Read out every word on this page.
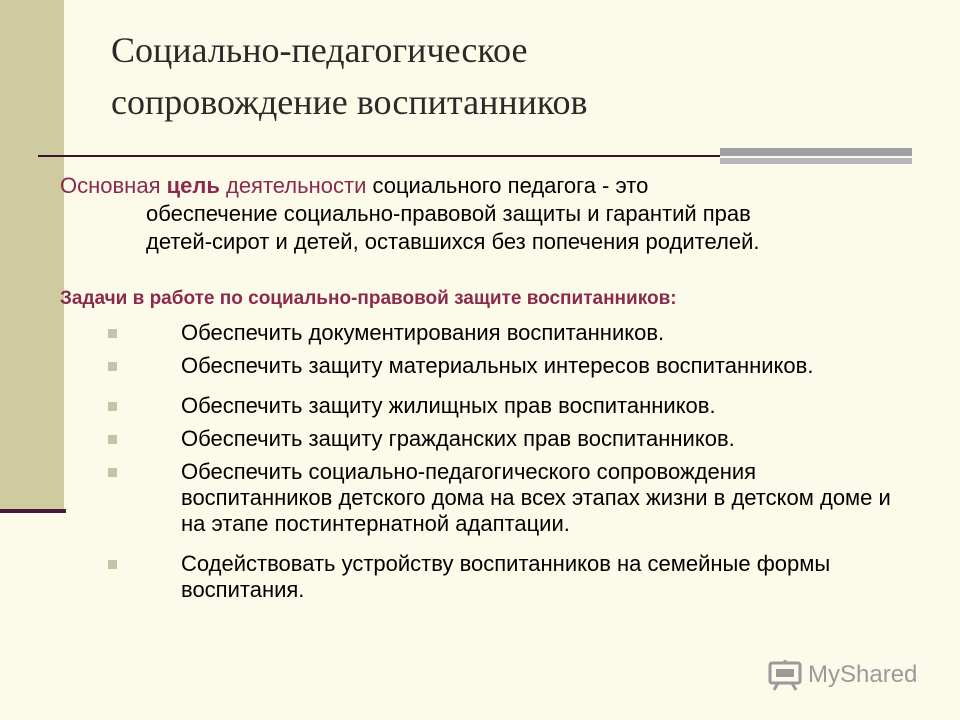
Социально-педагогическое
сопровождение воспитанников
Основная цель деятельности социального педагога - это
обеспечение социально-правовой защиты и гарантий прав
детей-сирот и детей, оставшихся без попечения родителей.
Задачи в работе по социально-правовой защите воспитанников:
Обеспечить документирования воспитанников.
Обеспечить защиту материальных интересов воспитанников.
Обеспечить защиту жилищных прав воспитанников.
Обеспечить защиту гражданских прав воспитанников.
Обеспечить социально-педагогического сопровождения воспитанников детского дома на всех этапах жизни в детском доме и на этапе постинтернатной адаптации.
Содействовать устройству воспитанников на семейные формы воспитания.
MyShared
